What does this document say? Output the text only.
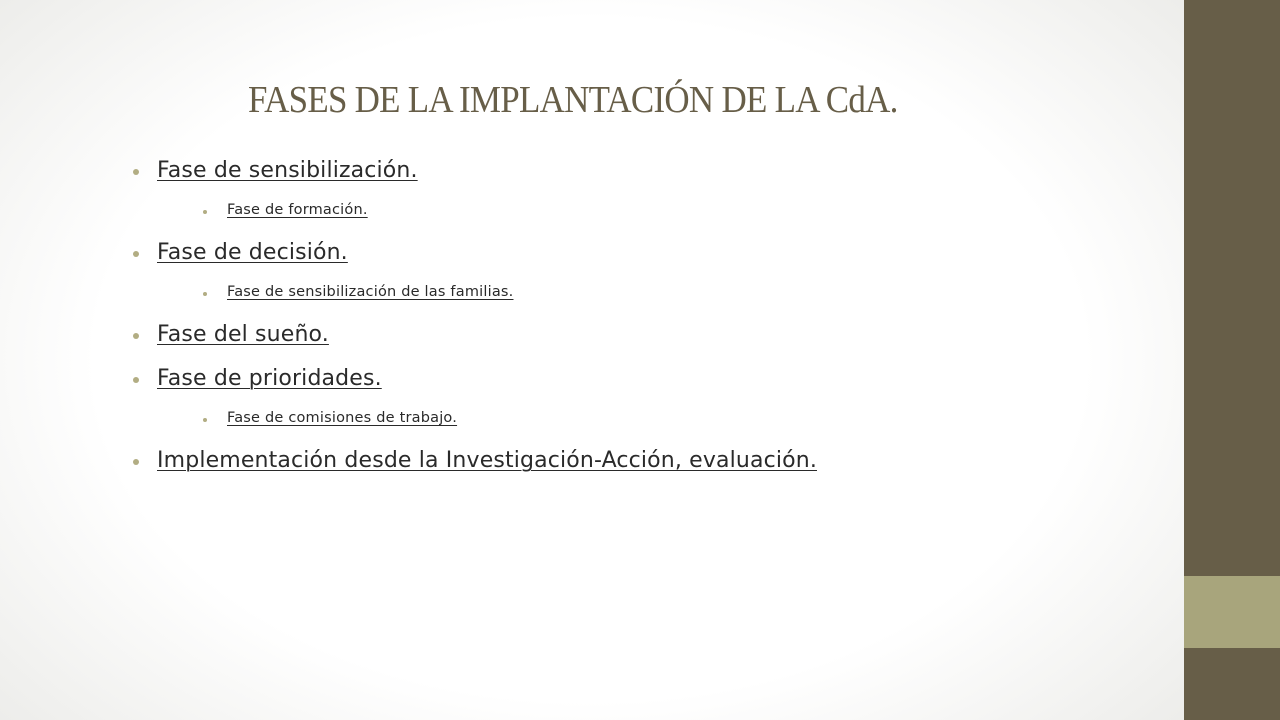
FASES DE LA IMPLANTACIÓN DE LA CdA.
Fase de sensibilización.
Fase de formación.
Fase de decisión.
Fase de sensibilización de las familias.
Fase del sueño.
Fase de prioridades.
Fase de comisiones de trabajo.
Implementación desde la Investigación-Acción, evaluación.
